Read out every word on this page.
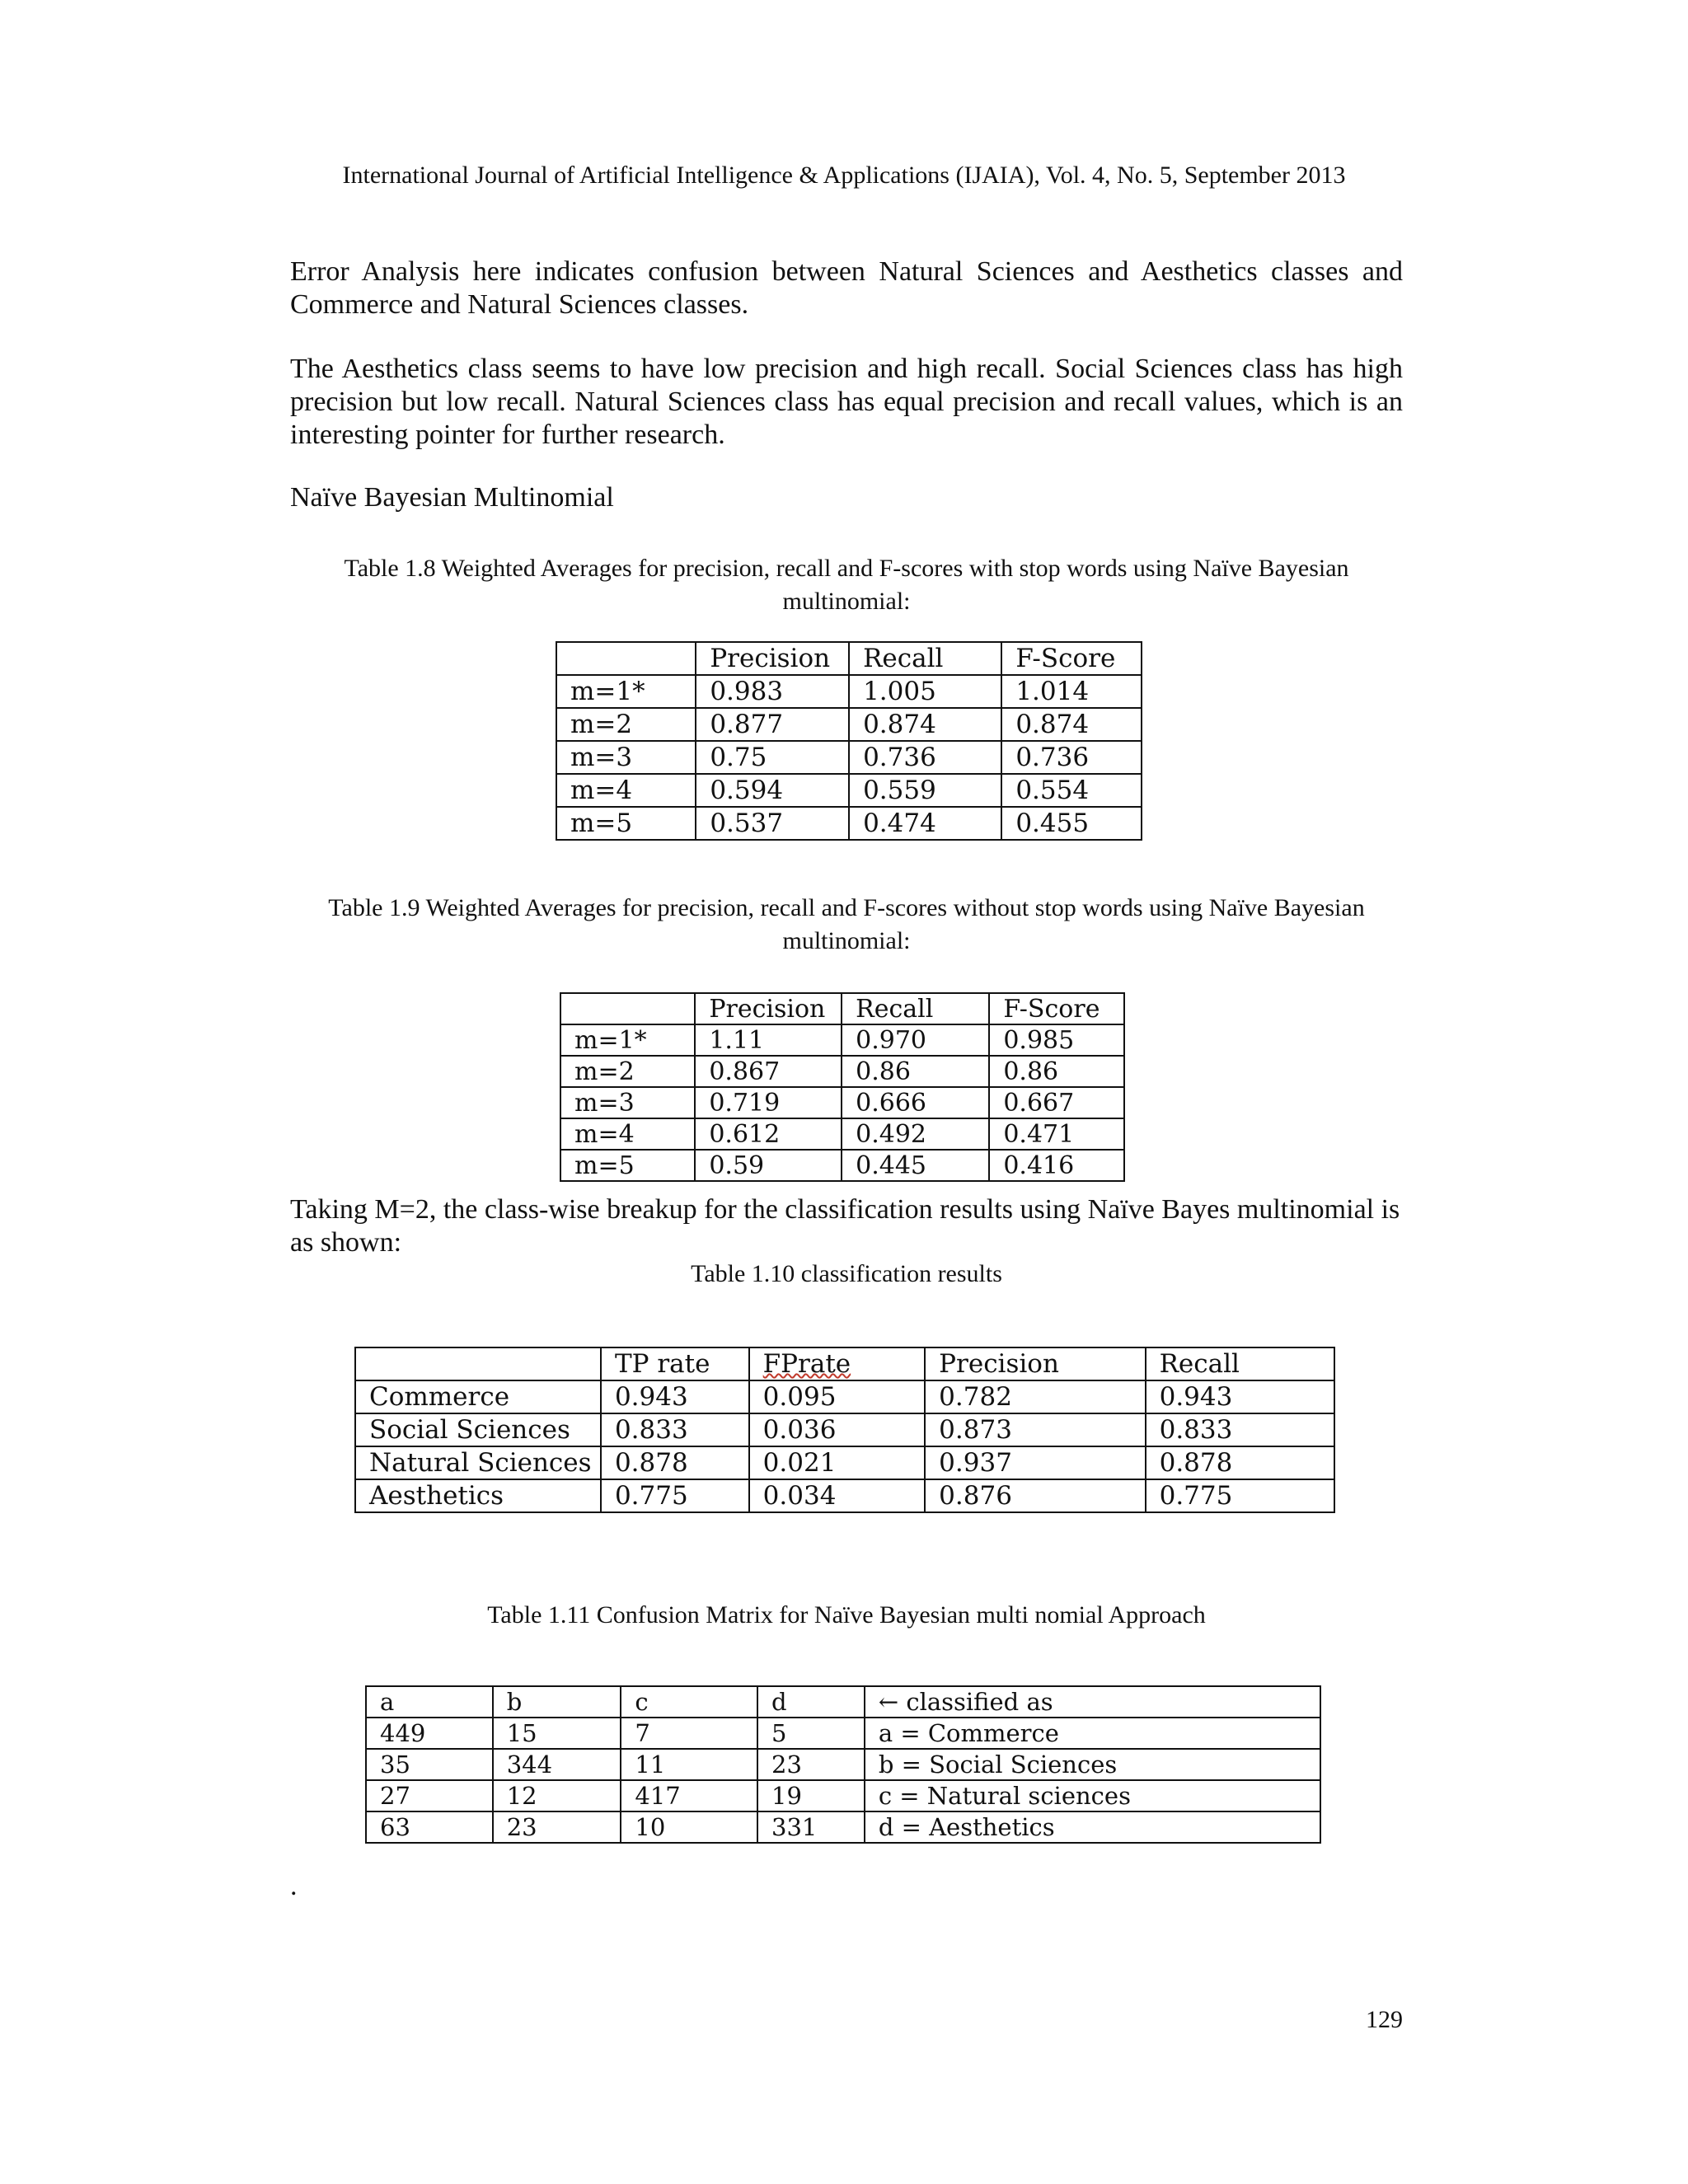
International Journal of Artificial Intelligence & Applications (IJAIA), Vol. 4, No. 5, September 2013

Error Analysis here indicates confusion between Natural Sciences and Aesthetics classes and Commerce and Natural Sciences classes.

The Aesthetics class seems to have low precision and high recall. Social Sciences class has high precision but low recall. Natural Sciences class has equal precision and recall values, which is an interesting pointer for further research.

Naïve Bayesian Multinomial

Table 1.8 Weighted Averages for precision, recall and F-scores with stop words using Naïve Bayesian multinomial:

	Precision	Recall	F-Score
m=1*	0.983	1.005	1.014
m=2	0.877	0.874	0.874
m=3	0.75	0.736	0.736
m=4	0.594	0.559	0.554
m=5	0.537	0.474	0.455

Table 1.9 Weighted Averages for precision, recall and F-scores without stop words using Naïve Bayesian multinomial:

	Precision	Recall	F-Score
m=1*	1.11	0.970	0.985
m=2	0.867	0.86	0.86
m=3	0.719	0.666	0.667
m=4	0.612	0.492	0.471
m=5	0.59	0.445	0.416

Taking M=2, the class-wise breakup for the classification results using Naïve Bayes multinomial is as shown:

Table 1.10 classification results

	TP rate	FPrate	Precision	Recall
Commerce	0.943	0.095	0.782	0.943
Social Sciences	0.833	0.036	0.873	0.833
Natural Sciences	0.878	0.021	0.937	0.878
Aesthetics	0.775	0.034	0.876	0.775

Table 1.11 Confusion Matrix for Naïve Bayesian multi nomial Approach

a	b	c	d	← classified as
449	15	7	5	a = Commerce
35	344	11	23	b = Social Sciences
27	12	417	19	c = Natural sciences
63	23	10	331	d = Aesthetics
.
129
